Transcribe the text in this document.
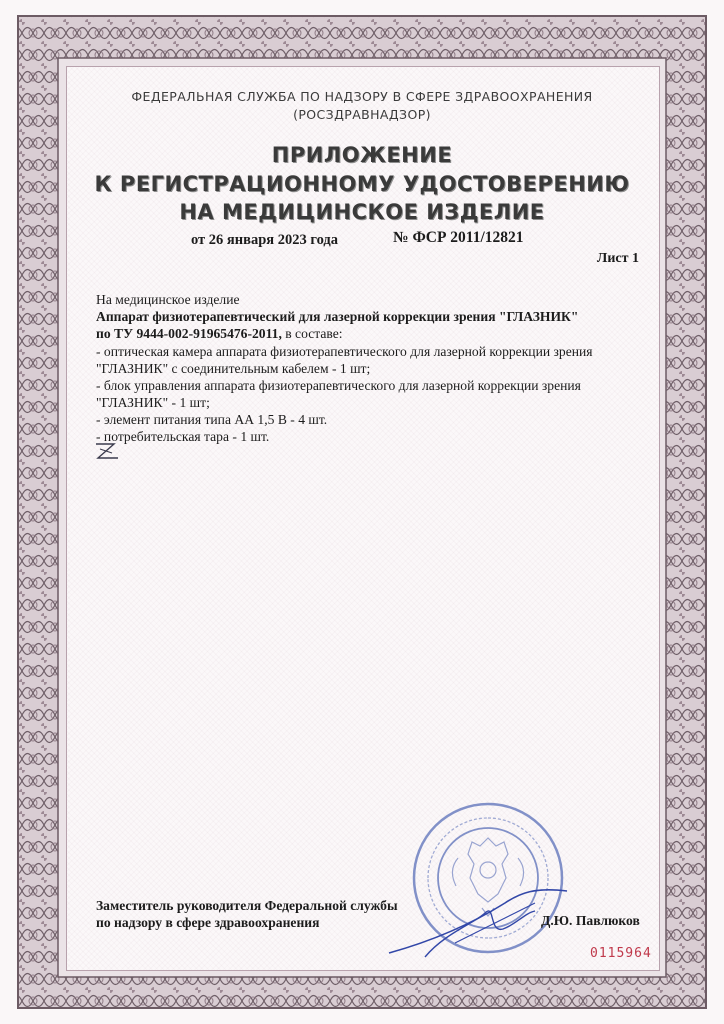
ФЕДЕРАЛЬНАЯ СЛУЖБА ПО НАДЗОРУ В СФЕРЕ ЗДРАВООХРАНЕНИЯ
(РОСЗДРАВНАДЗОР)
ПРИЛОЖЕНИЕ
К РЕГИСТРАЦИОННОМУ УДОСТОВЕРЕНИЮ
НА МЕДИЦИНСКОЕ ИЗДЕЛИЕ
от 26 января 2023 года	№ ФСР 2011/12821
Лист 1
На медицинское изделие
Аппарат физиотерапевтический для лазерной коррекции зрения "ГЛАЗНИК"
по ТУ 9444-002-91965476-2011, в составе:
- оптическая камера аппарата физиотерапевтического для лазерной коррекции зрения
"ГЛАЗНИК" с соединительным кабелем - 1 шт;
- блок управления аппарата физиотерапевтического для лазерной коррекции зрения
"ГЛАЗНИК" - 1 шт;
- элемент питания типа АА 1,5 В - 4 шт.
- потребительская тара - 1 шт.
Заместитель руководителя Федеральной службы
по надзору в сфере здравоохранения	Д.Ю. Павлюков
0115964
